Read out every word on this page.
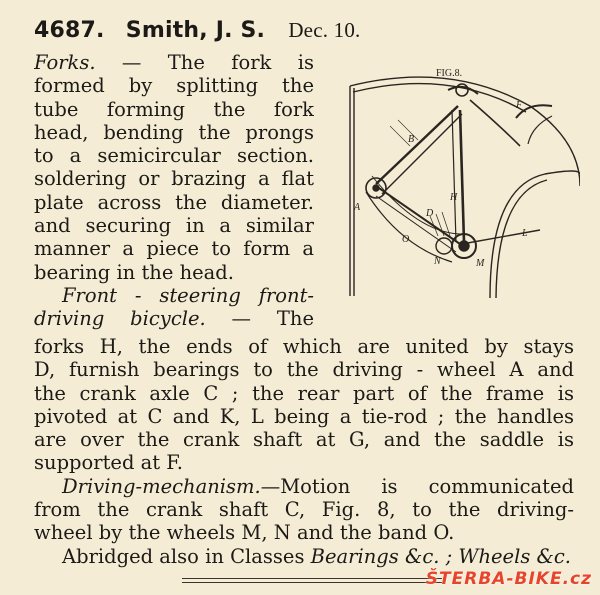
4687. Smith, J. S. Dec. 10.
Forks. — The fork is
formed by splitting the
tube forming the fork
head, bending the prongs
to a semicircular section.
soldering or brazing a flat
plate across the diameter.
and securing in a similar
manner a piece to form a
bearing in the head.
Front - steering front-
driving bicycle. — The
FIG.8.
B
A
D
H
O
N	M
L
F
forks H, the ends of which are united by stays
D, furnish bearings to the driving - wheel A and
the crank axle C ; the rear part of the frame is
pivoted at C and K, L being a tie-rod ; the handles
are over the crank shaft at G, and the saddle is
supported at F.
Driving-mechanism.—Motion is communicated
from the crank shaft C, Fig. 8, to the driving-
wheel by the wheels M, N and the band O.
Abridged also in Classes Bearings &c. ; Wheels &c.
ŠTERBA-BIKE.cz
